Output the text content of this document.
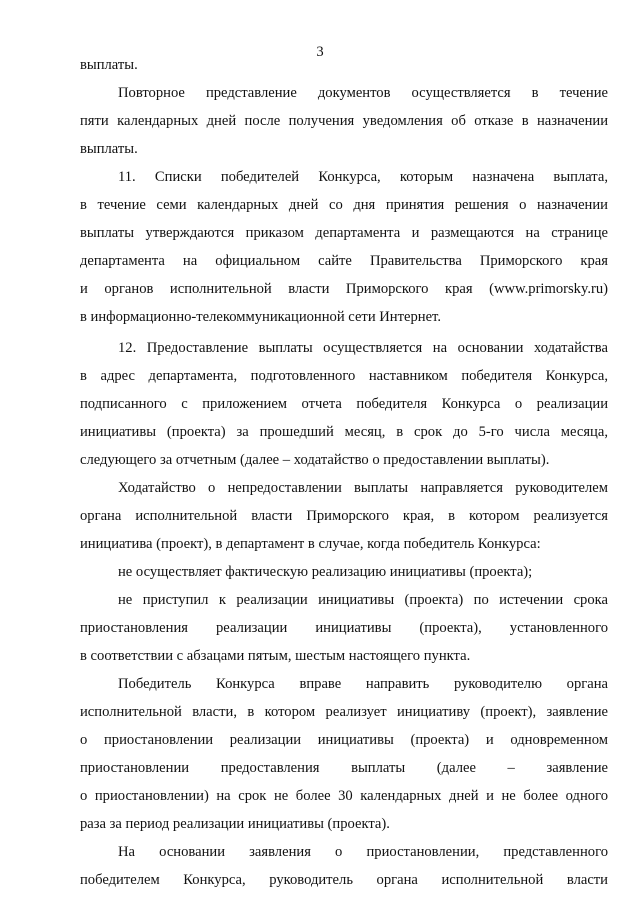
3
выплаты.
Повторное представление документов осуществляется в течение
пяти календарных дней после получения уведомления об отказе в назначении
выплаты.
11. Списки победителей Конкурса, которым назначена выплата,
в течение семи календарных дней со дня принятия решения о назначении
выплаты утверждаются приказом департамента и размещаются на странице
департамента на официальном сайте Правительства Приморского края
и органов исполнительной власти Приморского края (www.primorsky.ru)
в информационно-телекоммуникационной сети Интернет.
12. Предоставление выплаты осуществляется на основании ходатайства
в адрес департамента, подготовленного наставником победителя Конкурса,
подписанного с приложением отчета победителя Конкурса о реализации
инициативы (проекта) за прошедший месяц, в срок до 5-го числа месяца,
следующего за отчетным (далее – ходатайство о предоставлении выплаты).
Ходатайство о непредоставлении выплаты направляется руководителем
органа исполнительной власти Приморского края, в котором реализуется
инициатива (проект), в департамент в случае, когда победитель Конкурса:
не осуществляет фактическую реализацию инициативы (проекта);
не приступил к реализации инициативы (проекта) по истечении срока
приостановления реализации инициативы (проекта), установленного
в соответствии с абзацами пятым, шестым настоящего пункта.
Победитель Конкурса вправе направить руководителю органа
исполнительной власти, в котором реализует инициативу (проект), заявление
о приостановлении реализации инициативы (проекта) и одновременном
приостановлении предоставления выплаты (далее – заявление
о приостановлении) на срок не более 30 календарных дней и не более одного
раза за период реализации инициативы (проекта).
На основании заявления о приостановлении, представленного
победителем Конкурса, руководитель органа исполнительной власти
